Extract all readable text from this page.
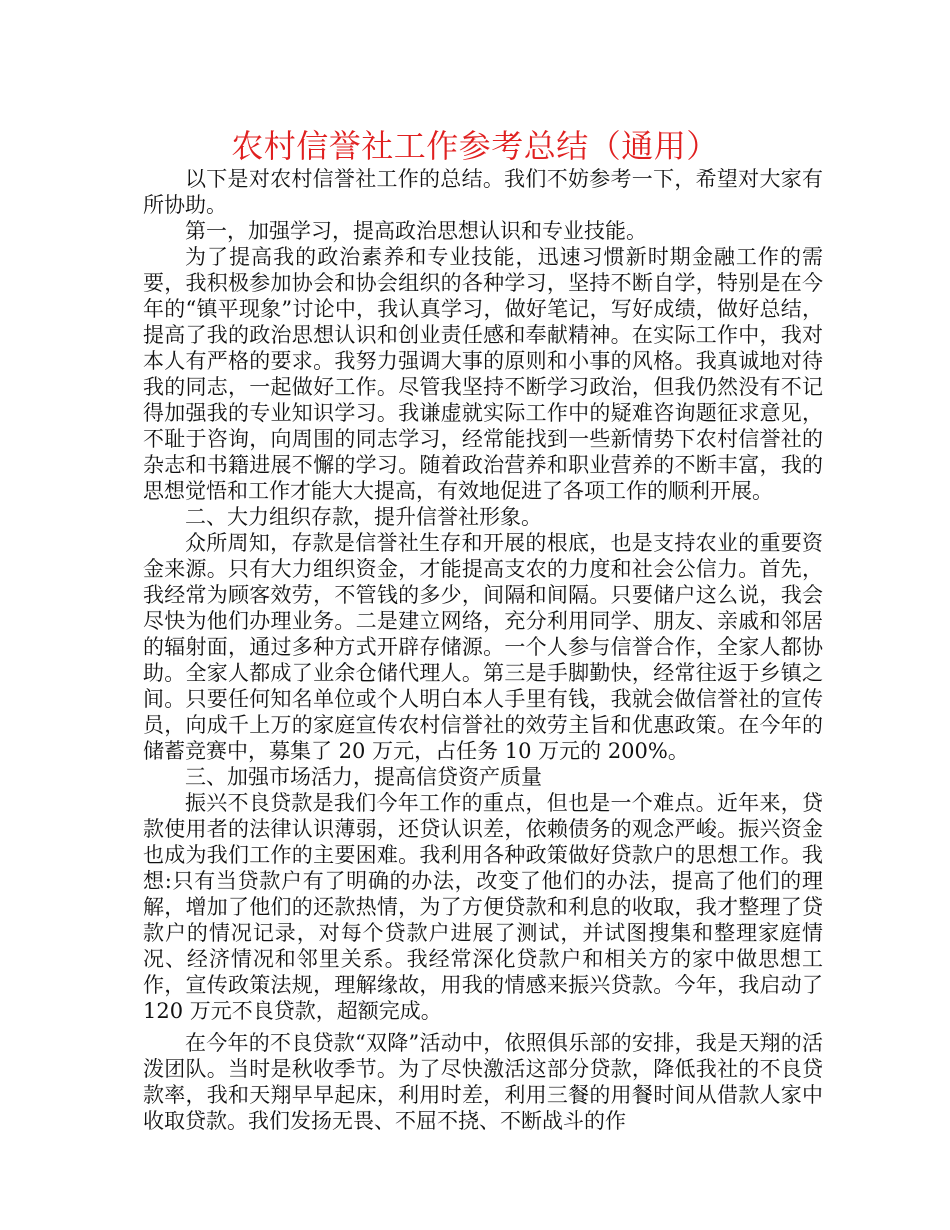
农村信誉社工作参考总结（通用）

以下是对农村信誉社工作的总结。我们不妨参考一下，希望对大家有所协助。

第一，加强学习，提高政治思想认识和专业技能。

为了提高我的政治素养和专业技能，迅速习惯新时期金融工作的需要，我积极参加协会和协会组织的各种学习，坚持不断自学，特别是在今年的“镇平现象”讨论中，我认真学习，做好笔记，写好成绩，做好总结，提高了我的政治思想认识和创业责任感和奉献精神。在实际工作中，我对本人有严格的要求。我努力强调大事的原则和小事的风格。我真诚地对待我的同志，一起做好工作。尽管我坚持不断学习政治，但我仍然没有不记得加强我的专业知识学习。我谦虚就实际工作中的疑难咨询题征求意见，不耻于咨询，向周围的同志学习，经常能找到一些新情势下农村信誉社的杂志和书籍进展不懈的学习。随着政治营养和职业营养的不断丰富，我的思想觉悟和工作才能大大提高，有效地促进了各项工作的顺利开展。

二、大力组织存款，提升信誉社形象。

众所周知，存款是信誉社生存和开展的根底，也是支持农业的重要资金来源。只有大力组织资金，才能提高支农的力度和社会公信力。首先，我经常为顾客效劳，不管钱的多少，间隔和间隔。只要储户这么说，我会尽快为他们办理业务。二是建立网络，充分利用同学、朋友、亲戚和邻居的辐射面，通过多种方式开辟存储源。一个人参与信誉合作，全家人都协助。全家人都成了业余仓储代理人。第三是手脚勤快，经常往返于乡镇之间。只要任何知名单位或个人明白本人手里有钱，我就会做信誉社的宣传员，向成千上万的家庭宣传农村信誉社的效劳主旨和优惠政策。在今年的储蓄竞赛中，募集了 20 万元，占任务 10 万元的 200%。

三、加强市场活力，提高信贷资产质量

振兴不良贷款是我们今年工作的重点，但也是一个难点。近年来，贷款使用者的法律认识薄弱，还贷认识差，依赖债务的观念严峻。振兴资金也成为我们工作的主要困难。我利用各种政策做好贷款户的思想工作。我想:只有当贷款户有了明确的办法，改变了他们的办法，提高了他们的理解，增加了他们的还款热情，为了方便贷款和利息的收取，我才整理了贷款户的情况记录，对每个贷款户进展了测试，并试图搜集和整理家庭情况、经济情况和邻里关系。我经常深化贷款户和相关方的家中做思想工作，宣传政策法规，理解缘故，用我的情感来振兴贷款。今年，我启动了 120 万元不良贷款，超额完成。

在今年的不良贷款“双降”活动中，依照俱乐部的安排，我是天翔的活泼团队。当时是秋收季节。为了尽快激活这部分贷款，降低我社的不良贷款率，我和天翔早早起床，利用时差，利用三餐的用餐时间从借款人家中收取贷款。我们发扬无畏、不屈不挠、不断战斗的作
